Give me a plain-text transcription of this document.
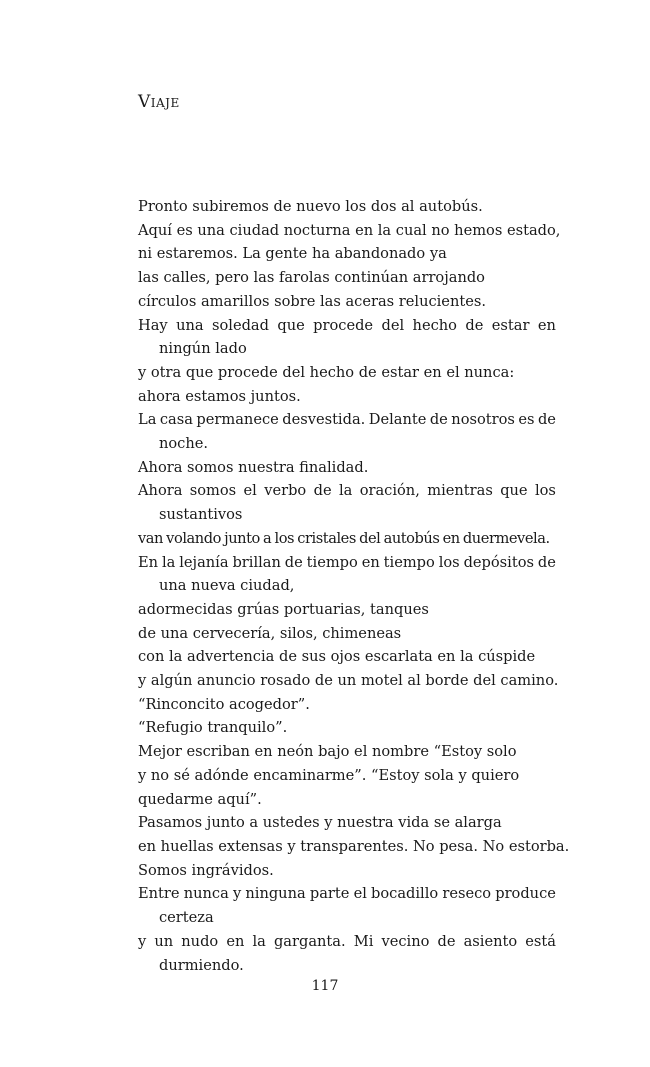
Viaje
Pronto subiremos de nuevo los dos al autobús.
Aquí es una ciudad nocturna en la cual no hemos estado,
ni estaremos. La gente ha abandonado ya
las calles, pero las farolas continúan arrojando
círculos amarillos sobre las aceras relucientes.
Hay una soledad que procede del hecho de estar en
ningún lado
y otra que procede del hecho de estar en el nunca:
ahora estamos juntos.
La casa permanece desvestida. Delante de nosotros es de
noche.
Ahora somos nuestra finalidad.
Ahora somos el verbo de la oración, mientras que los
sustantivos
van volando junto a los cristales del autobús en duermevela.
En la lejanía brillan de tiempo en tiempo los depósitos de
una nueva ciudad,
adormecidas grúas portuarias, tanques
de una cervecería, silos, chimeneas
con la advertencia de sus ojos escarlata en la cúspide
y algún anuncio rosado de un motel al borde del camino.
“Rinconcito acogedor”.
“Refugio tranquilo”.
Mejor escriban en neón bajo el nombre “Estoy solo
y no sé adónde encaminarme”. “Estoy sola y quiero
quedarme aquí”.
Pasamos junto a ustedes y nuestra vida se alarga
en huellas extensas y transparentes. No pesa. No estorba.
Somos ingrávidos.
Entre nunca y ninguna parte el bocadillo reseco produce
certeza
y un nudo en la garganta. Mi vecino de asiento está
durmiendo.
117
